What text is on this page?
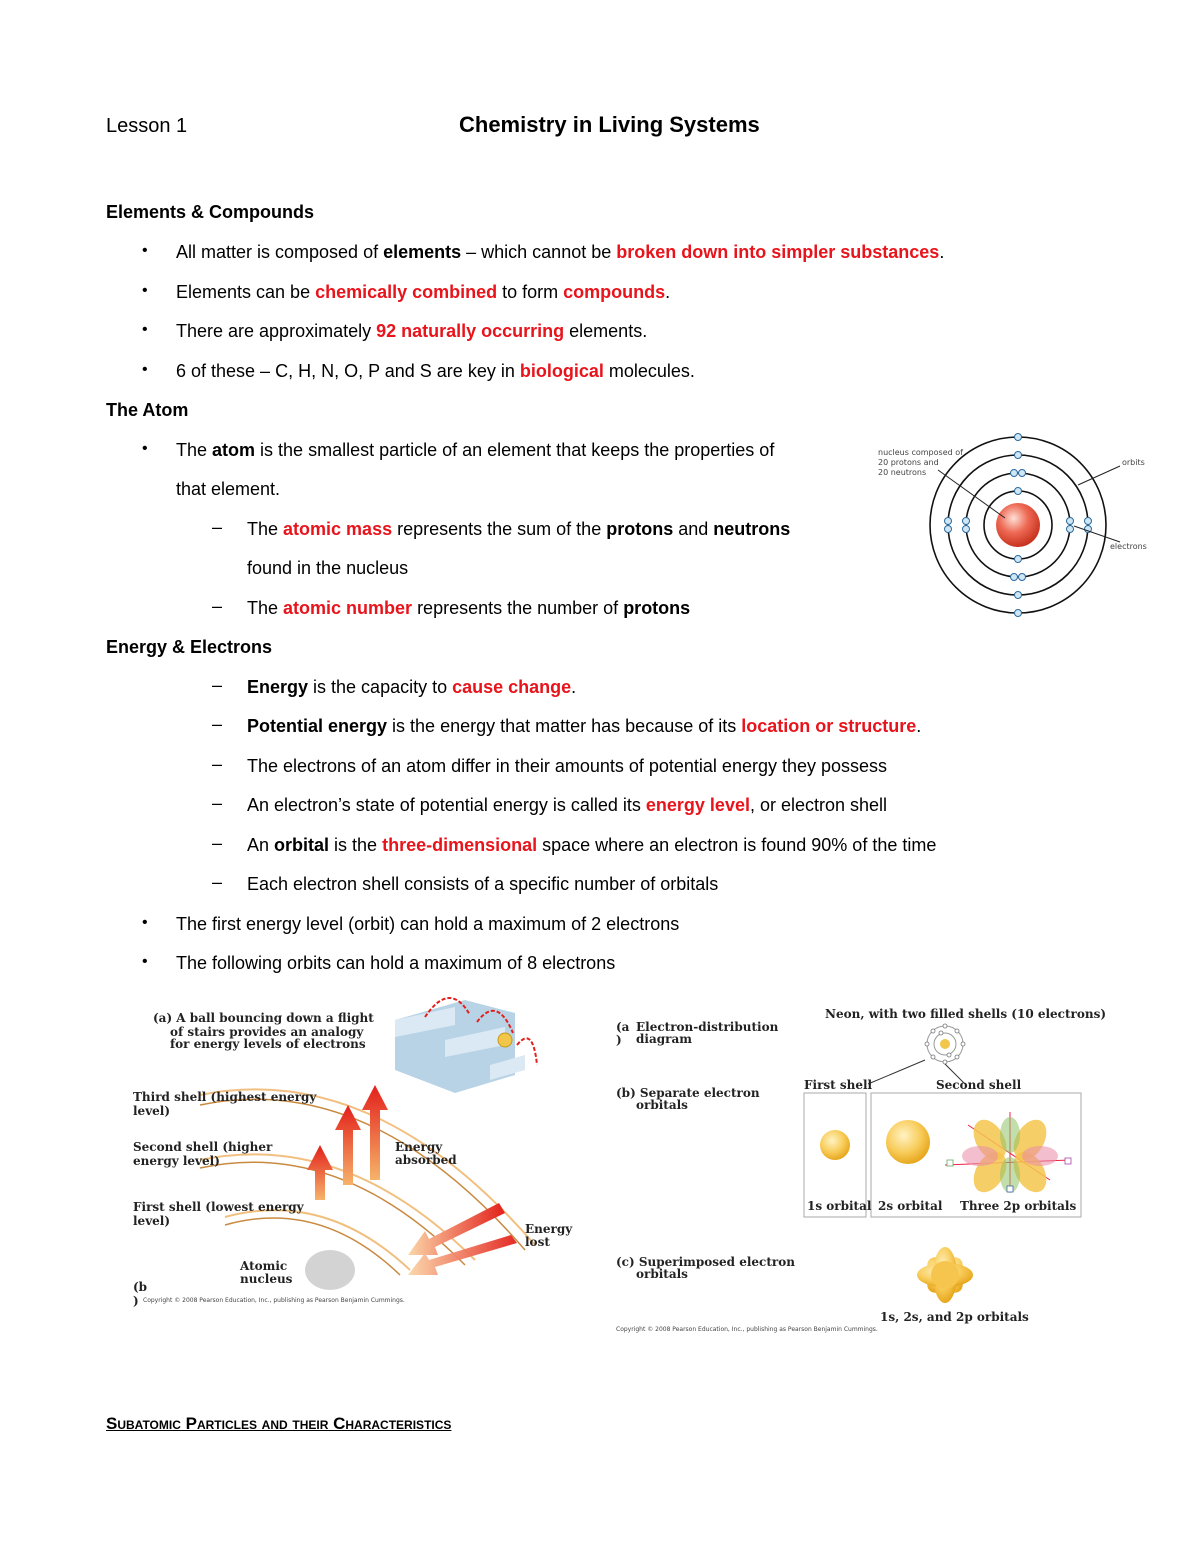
Lesson 1	Chemistry in Living Systems
Elements & Compounds
• All matter is composed of elements – which cannot be broken down into simpler substances.
• Elements can be chemically combined to form compounds.
• There are approximately 92 naturally occurring elements.
• 6 of these – C, H, N, O, P and S are key in biological molecules.
The Atom
• The atom is the smallest particle of an element that keeps the properties of
that element.
– The atomic mass represents the sum of the protons and neutrons
found in the nucleus
– The atomic number represents the number of protons
nucleus composed of
20 protons and
20 neutrons
orbits
electrons
Energy & Electrons
– Energy is the capacity to cause change.
– Potential energy is the energy that matter has because of its location or structure.
– The electrons of an atom differ in their amounts of potential energy they possess
– An electron’s state of potential energy is called its energy level, or electron shell
– An orbital is the three-dimensional space where an electron is found 90% of the time
– Each electron shell consists of a specific number of orbitals
• The first energy level (orbit) can hold a maximum of 2 electrons
• The following orbits can hold a maximum of 8 electrons
(a) A ball bouncing down a flight
of stairs provides an analogy
for energy levels of electrons
Third shell (highest energy
level)
Second shell (higher
energy level)
First shell (lowest energy
level)
Energy
absorbed
Energy
lost
Atomic
nucleus
(b
) Copyright © 2008 Pearson Education, Inc., publishing as Pearson Benjamin Cummings.
(a
)
Electron-distribution
diagram
(b) Separate electron
orbitals
(c) Superimposed electron
orbitals
Neon, with two filled shells (10 electrons)
First shell	Second shell
1s orbital 2s orbital Three 2p orbitals
1s, 2s, and 2p orbitals
Copyright © 2008 Pearson Education, Inc., publishing as Pearson Benjamin Cummings.
Subatomic Particles and their Characteristics
